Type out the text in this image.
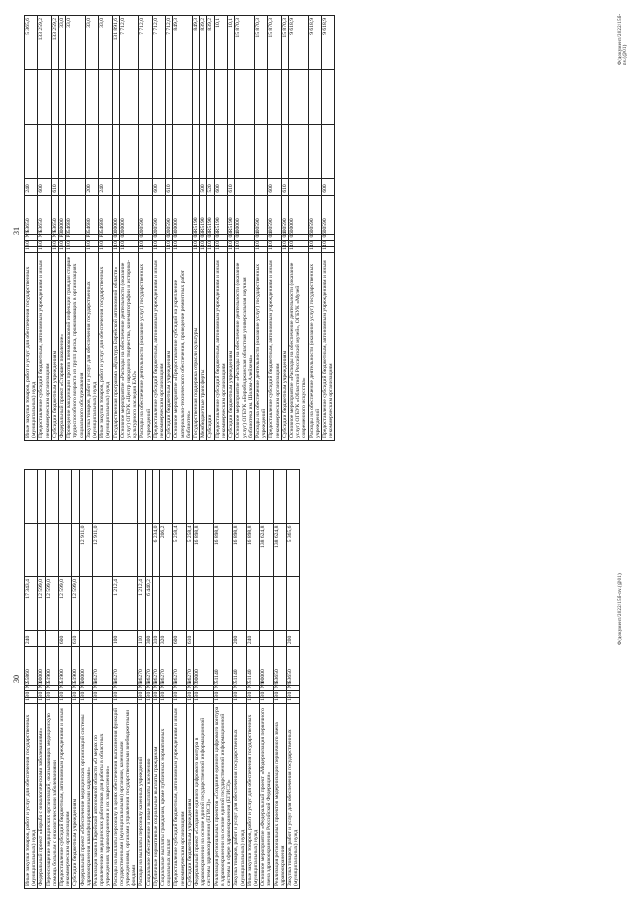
30
Иные закупки товаров, работ и услуг для обеспечения государственных (муниципальных) нужд	13	0	N2	55860	240	17 343,4		
Федеральный проект «Борьба с онкологическими заболеваниями»	13	0	N3	00000		12 599,0		
Переоснащение медицинских организаций, оказывающих медицинскую помощь больным с онкологическими заболеваниями	13	0	N3	51900		12 599,0		
Предоставление субсидий бюджетным, автономным учреждениям и иным некоммерческим организациям	13	0	N3	51900	600	12 599,0		
Субсидии бюджетным учреждениям	13	0	N3	51900	610	12 599,0		
Федеральный проект «Обеспечение медицинских организаций системы здравоохранения квалифицированными кадрами»	13	0	N5	00000			12 911,0	
Реализация закона Еврейской автономной области «О мерах по привлечению медицинских работников для работы в областных учреждениях здравоохранения и их закреплению»	13	0	N5	86270			12 911,0	
Расходы на выплаты персоналу в целях обеспечения выполнения функций государственными (муниципальными) органами, казенными учреждениями, органами управления государственными внебюджетными фондами	13	0	N5	86270	100	1 212,4		
Расходы на выплаты персоналу казенных учреждений	13	0	N5	86270	110	1 212,4		
Социальное обеспечение и иные выплаты населению	13	0	N5	86270	300	6 440,2		
Публичные нормативные социальные выплаты гражданам	13	0	N5	86270	310		6 234,0	
Социальные выплаты гражданам, кроме публичных нормативных социальных выплат	13	0	N5	86270	320		206,2	
Предоставление субсидий бюджетным, автономным учреждениям и иным некоммерческим организациям	13	0	N5	86270	600		5 258,4	
Субсидии бюджетным учреждениям	13	0	N5	86270	610		5 258,4	
Федеральный проект «Создание единого цифрового контура в здравоохранении на основе единой государственной информационной системы здравоохранения (ЕГИСЗ)»	13	0	N7	00000			16 898,8	
Реализация региональных проектов «Создание единого цифрового контура в здравоохранении на основе единой государственной информационной системы в сфере здравоохранения (ЕГИСЗ)»	13	0	N7	51140			16 898,8	
Закупка товаров, работ и услуг для обеспечения государственных (муниципальных) нужд	13	0	N7	51140	200		16 898,8	
Иные закупки товаров, работ и услуг для обеспечения государственных (муниципальных) нужд	13	0	N7	51140	240		16 898,8	
Основное мероприятие «Федеральный проект «Модернизация первичного звена здравоохранения Российской Федерации»	13	0	N9	00000			138 624,8	
Реализация региональных проектов модернизации первичного звена здравоохранения	13	0	N9	53650			138 624,8	
Закупка товаров, работ и услуг для обеспечения государственных (муниципальных) нужд	13	0	N9	53650	200		5 365,6	
Ф/документ/2022/15б-nv.(@01)
31
Иные закупки товаров, работ и услуг для обеспечения государственных (муниципальных) нужд	13	0	N9	53650	240			5 365,6
Предоставление субсидий бюджетным, автономным учреждениям и иным некоммерческим организациям	13	0	N9	53650	600			133 259,2
Субсидии бюджетным учреждениям	13	0	N9	53650	610			133 259,2
Федеральный проект «Старшее поколение»	13	0	P3	00000				33,0
Проведение вакцинации против пневмококковой инфекции граждан старше трудоспособного возраста из групп риска, проживающих в организациях социального обслуживания	13	0	P3	54680				33,0
Закупка товаров, работ и услуг для обеспечения государственных (муниципальных) нужд	13	0	P3	54680	200			33,0
Иные закупки товаров, работ и услуг для обеспечения государственных (муниципальных) нужд	13	0	P3	54680	240			33,0
Государственная программа «Культура Еврейской автономной области»	14	0	00	00000				131 891,6
Основное мероприятие «Расходы на обеспечение деятельности (оказание услуг) ОГБУК «Центр народного творчества, кинематографии и историко-культурного наследия ЕАО»	14	0	02	00000				7 712,0
Расходы на обеспечение деятельности (оказание услуг) государственных учреждений	14	0	02	00590				7 712,0
Предоставление субсидий бюджетным, автономным учреждениям и иным некоммерческим организациям	14	0	02	00590	600			7 712,0
Субсидии бюджетным учреждениям	14	0	02	00590	610			7 712,0
Основное мероприятие «Предоставление субсидий на укрепление материально-технического обеспечения, проведение ремонтных работ библиотек»	14	0	03	00000				849,3
Государственная поддержка отрасли культуры	14	0	03	R5190				849,3
Межбюджетные трансферты	14	0	03	R5190	500			839,2
Субсидии	14	0	03	R5190	520			839,2
Предоставление субсидий бюджетным, автономным учреждениям и иным некоммерческим организациям	14	0	03	R5190	600			10,1
Субсидии бюджетным учреждениям	14	0	03	R5190	610			10,1
Основное мероприятие «Расходы на обеспечение деятельности (оказание услуг) ОГБУК «Биробиджанская областная универсальная научная библиотека им. Шолом-Алейхема»	14	0	04	00000				15 870,3
Расходы на обеспечение деятельности (оказание услуг) государственных учреждений	14	0	04	00590				15 870,3
Предоставление субсидий бюджетным, автономным учреждениям и иным некоммерческим организациям	14	0	04	00590	600			15 870,3
Субсидии бюджетным учреждениям	14	0	04	00590	610			15 870,3
Основное мероприятие «Расходы на обеспечение деятельности (оказание услуг) ОГБУК «Областной Российский музей», ОГБУК «Музей современного искусства»	14	0	06	00000				9 618,9
Расходы на обеспечение деятельности (оказание услуг) государственных учреждений	14	0	06	00590				9 618,9
Предоставление субсидий бюджетным, автономным учреждениям и иным некоммерческим организациям	14	0	06	00590	600			9 618,9	Ф/документ/2022/15б-nv.(@01)
